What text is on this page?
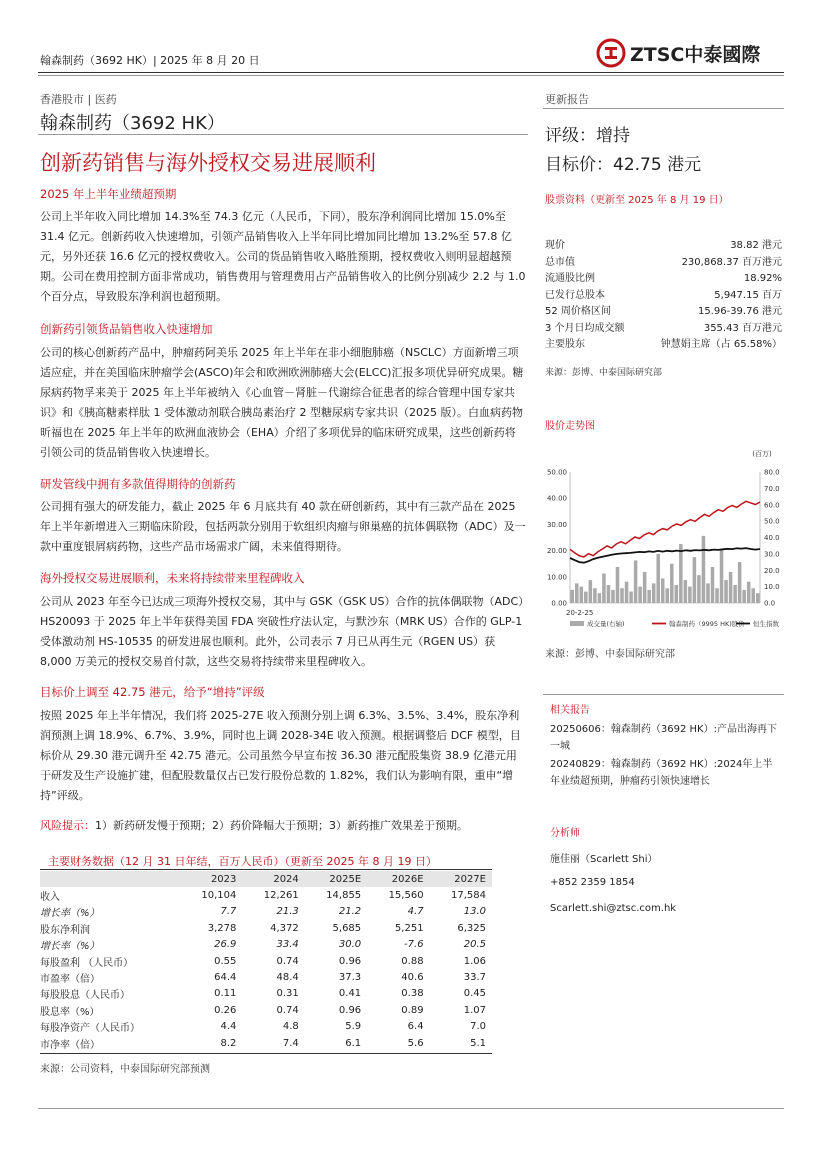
翰森制药（3692 HK）| 2025 年 8 月 20 日	ZTSC中泰國際
香港股市 | 医药
翰森制药（3692 HK）
创新药销售与海外授权交易进展顺利
2025 年上半年业绩超预期
公司上半年收入同比增加 14.3%至 74.3 亿元（人民币，下同），股东净利润同比增加 15.0%至 31.4 亿元。创新药收入快速增加，引领产品销售收入上半年同比增加同比增加 13.2%至 57.8 亿元，另外还获 16.6 亿元的授权费收入。公司的货品销售收入略胜预期，授权费收入则明显超越预期。公司在费用控制方面非常成功，销售费用与管理费用占产品销售收入的比例分别减少 2.2 与 1.0 个百分点，导致股东净利润也超预期。
创新药引领货品销售收入快速增加
公司的核心创新药产品中，肿瘤药阿美乐 2025 年上半年在非小细胞肺癌（NSCLC）方面新增三项适应症，并在美国临床肿瘤学会(ASCO)年会和欧洲欧洲肺癌大会(ELCC)汇报多项优异研究成果。糖尿病药物孚来美于 2025 年上半年被纳入《心血管－肾脏－代谢综合征患者的综合管理中国专家共识》和《胰高糖素样肽 1 受体激动剂联合胰岛素治疗 2 型糖尿病专家共识（2025 版）。白血病药物昕福也在 2025 年上半年的欧洲血液协会（EHA）介绍了多项优异的临床研究成果，这些创新药将引领公司的货品销售收入快速增长。
研发管线中拥有多款值得期待的创新药
公司拥有强大的研发能力，截止 2025 年 6 月底共有 40 款在研创新药，其中有三款产品在 2025 年上半年新增进入三期临床阶段，包括两款分别用于软组织肉瘤与卵巢癌的抗体偶联物（ADC）及一款中重度银屑病药物，这些产品市场需求广阔，未来值得期待。
海外授权交易进展顺利，未来将持续带来里程碑收入
公司从 2023 年至今已达成三项海外授权交易，其中与 GSK（GSK US）合作的抗体偶联物（ADC）HS20093 于 2025 年上半年获得美国 FDA 突破性疗法认定，与默沙东（MRK US）合作的 GLP-1 受体激动剂 HS-10535 的研发进展也顺利。此外，公司表示 7 月已从再生元（RGEN US）获 8,000 万美元的授权交易首付款，这些交易将持续带来里程碑收入。
目标价上调至 42.75 港元，给予“增持”评级
按照 2025 年上半年情况，我们将 2025-27E 收入预测分别上调 6.3%、3.5%、3.4%，股东净利润预测上调 18.9%、6.7%、3.9%，同时也上调 2028-34E 收入预测。根据调整后 DCF 模型，目标价从 29.30 港元调升至 42.75 港元。公司虽然今早宣布按 36.30 港元配股集资 38.9 亿港元用于研发及生产设施扩建，但配股数量仅占已发行股份总数的 1.82%，我们认为影响有限，重申“增持”评级。
风险提示：1）新药研发慢于预期；2）药价降幅大于预期；3）新药推广效果差于预期。
主要财务数据（12 月 31 日年结，百万人民币）（更新至 2025 年 8 月 19 日）
	2023	2024	2025E	2026E	2027E
收入	10,104	12,261	14,855	15,560	17,584
增长率（%）	7.7	21.3	21.2	4.7	13.0
股东净利润	3,278	4,372	5,685	5,251	6,325
增长率（%）	26.9	33.4	30.0	-7.6	20.5
每股盈利 （人民币）	0.55	0.74	0.96	0.88	1.06
市盈率（倍）	64.4	48.4	37.3	40.6	33.7
每股股息（人民币）	0.11	0.31	0.41	0.38	0.45
股息率（%）	0.26	0.74	0.96	0.89	1.07
每股净资产（人民币）	4.4	4.8	5.9	6.4	7.0
市净率（倍）	8.2	7.4	6.1	5.6	5.1
来源：公司资料，中泰国际研究部预测
更新报告
评级：增持
目标价：42.75 港元
股票资料（更新至 2025 年 8 月 19 日）
现价	38.82 港元
总市值	230,868.37 百万港元
流通股比例	18.92%
已发行总股本	5,947.15 百万
52 周价格区间	15.96-39.76 港元
3 个月日均成交额	355.43 百万港元
主要股东	钟慧娟主席（占 65.58%）
来源：彭博、中泰国际研究部
股价走势图
(百万)
50.00
40.00
30.00
20.00
10.00
0.00
80.0
70.0
60.0
50.0
40.0
30.0
20.0
10.0
0.0
20-2-25
成交量(右轴)	翰森制药（9995 HK)股价 恒生指数
来源：彭博、中泰国际研究部
相关报告
20250606：翰森制药（3692 HK）:产品出海再下一城
20240829：翰森制药（3692 HK）:2024年上半年业绩超预期，肿瘤药引领快速增长
分析师
施佳丽（Scarlett Shi）
+852 2359 1854
Scarlett.shi@ztsc.com.hk
